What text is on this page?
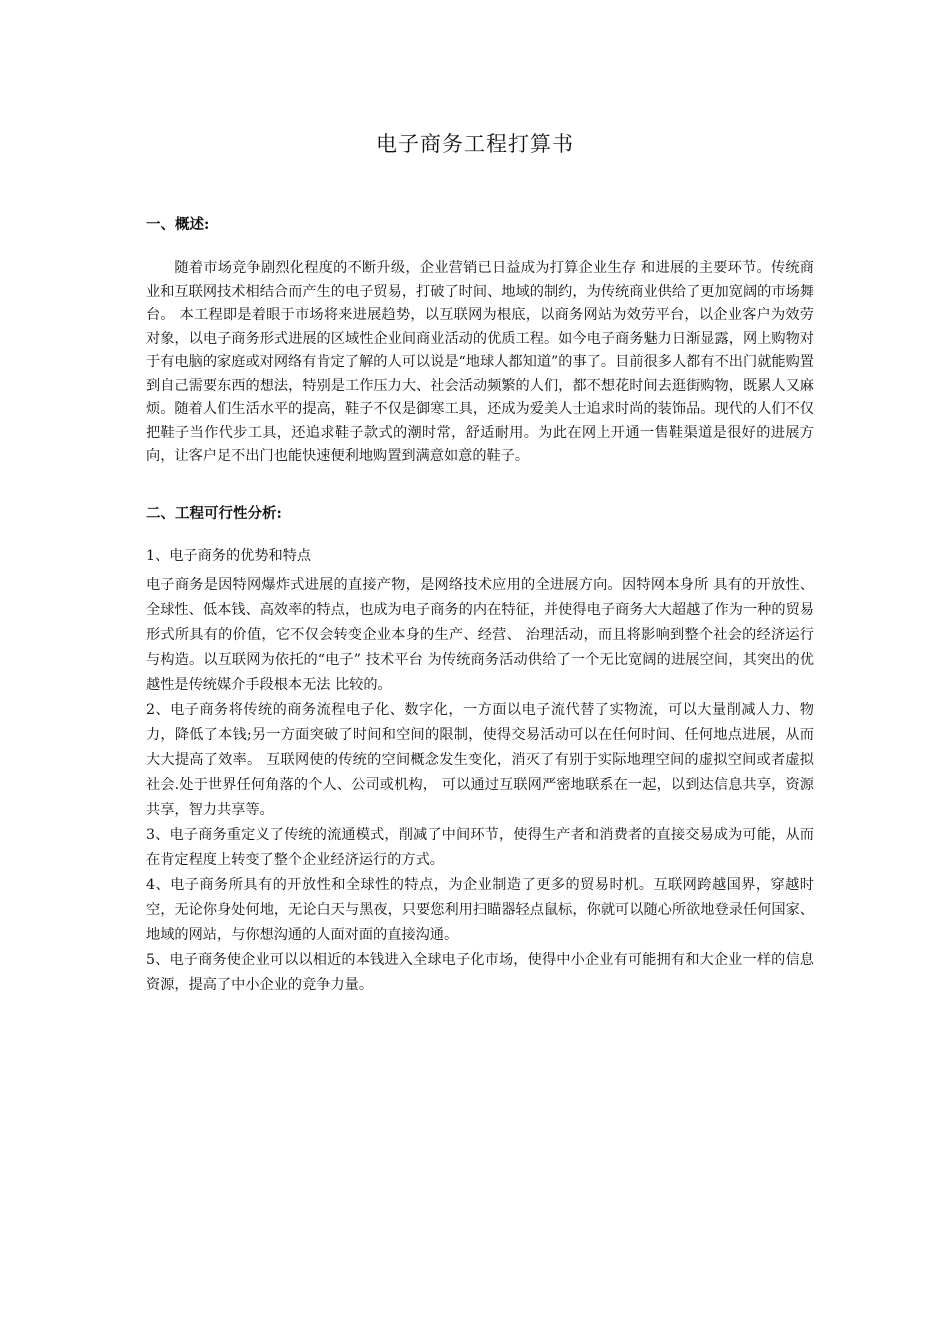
电子商务工程打算书
一、概述:

随着市场竞争剧烈化程度的不断升级，企业营销已日益成为打算企业生存 和进展的主要环节。传统商业和互联网技术相结合而产生的电子贸易，打破了时间、地域的制约，为传统商业供给了更加宽阔的市场舞台。 本工程即是着眼于市场将来进展趋势，以互联网为根底，以商务网站为效劳平台，以企业客户为效劳对象，以电子商务形式进展的区域性企业间商业活动的优质工程。如今电子商务魅力日渐显露，网上购物对于有电脑的家庭或对网络有肯定了解的人可以说是“地球人都知道”的事了。目前很多人都有不出门就能购置到自己需要东西的想法，特别是工作压力大、社会活动频繁的人们，都不想花时间去逛街购物，既累人又麻烦。随着人们生活水平的提高，鞋子不仅是御寒工具，还成为爱美人士追求时尚的装饰品。现代的人们不仅把鞋子当作代步工具，还追求鞋子款式的潮时常，舒适耐用。为此在网上开通一售鞋渠道是很好的进展方向，让客户足不出门也能快速便利地购置到满意如意的鞋子。

二、工程可行性分析:

1、电子商务的优势和特点

电子商务是因特网爆炸式进展的直接产物，是网络技术应用的全进展方向。因特网本身所 具有的开放性、全球性、低本钱、高效率的特点，也成为电子商务的内在特征，并使得电子商务大大超越了作为一种的贸易形式所具有的价值，它不仅会转变企业本身的生产、经营、 治理活动，而且将影响到整个社会的经济运行与构造。以互联网为依托的“电子” 技术平台 为传统商务活动供给了一个无比宽阔的进展空间，其突出的优越性是传统媒介手段根本无法 比较的。

2、电子商务将传统的商务流程电子化、数字化，一方面以电子流代替了实物流，可以大量削减人力、物力，降低了本钱;另一方面突破了时间和空间的限制，使得交易活动可以在任何时间、任何地点进展，从而大大提高了效率。 互联网使的传统的空间概念发生变化，消灭了有别于实际地理空间的虚拟空间或者虚拟社会.处于世界任何角落的个人、公司或机构， 可以通过互联网严密地联系在一起，以到达信息共享，资源共享，智力共享等。

3、电子商务重定义了传统的流通模式，削减了中间环节，使得生产者和消费者的直接交易成为可能，从而在肯定程度上转变了整个企业经济运行的方式。

4、电子商务所具有的开放性和全球性的特点，为企业制造了更多的贸易时机。互联网跨越国界，穿越时空，无论你身处何地，无论白天与黑夜，只要您利用扫瞄器轻点鼠标，你就可以随心所欲地登录任何国家、地域的网站，与你想沟通的人面对面的直接沟通。

5、电子商务使企业可以以相近的本钱进入全球电子化市场，使得中小企业有可能拥有和大企业一样的信息资源，提高了中小企业的竞争力量。
